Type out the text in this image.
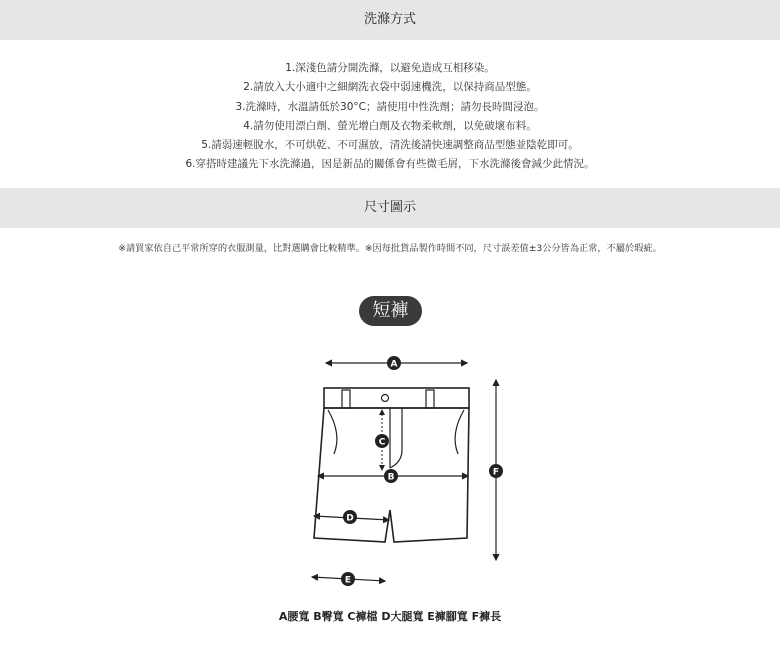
洗滌方式
1.深淺色請分開洗滌，以避免造成互相移染。
2.請放入大小適中之細網洗衣袋中弱速機洗，以保持商品型態。
3.洗滌時，水溫請低於30°C；請使用中性洗劑；請勿長時間浸泡。
4.請勿使用漂白劑、螢光增白劑及衣物柔軟劑，以免破壞布料。
5.請弱速輕脫水，不可烘乾、不可濕放，清洗後請快速調整商品型態並陰乾即可。
6.穿搭時建議先下水洗滌過，因是新品的關係會有些微毛屑，下水洗滌後會減少此情況。
尺寸圖示
※請買家依自己平常所穿的衣服測量，比對選購會比較精準。※因每批貨品製作時間不同，尺寸誤差值±3公分皆為正常，不屬於瑕疵。
短褲
A
C
B
D
E
F
A腰寬 B臀寬 C褲檔 D大腿寬 E褲腳寬 F褲長
